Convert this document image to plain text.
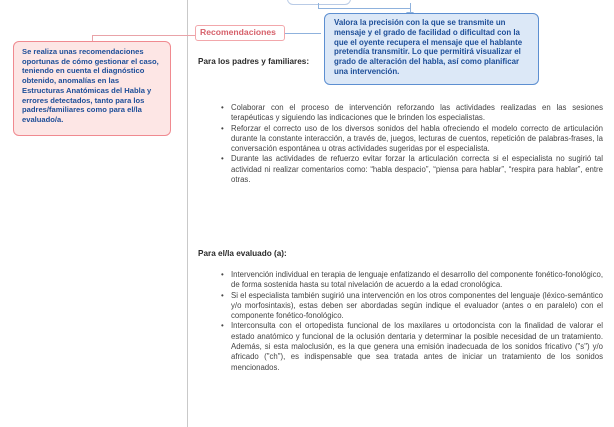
Se realiza unas recomendaciones oportunas de cómo gestionar el caso, teniendo en cuenta el diagnóstico obtenido, anomalías en las Estructuras Anatómicas del Habla y errores detectados, tanto para los padres/familiares como para el/la evaluado/a.
Valora la precisión con la que se transmite un mensaje y el grado de facilidad o dificultad con la que el oyente recupera el mensaje que el hablante pretendía transmitir. Lo que permitirá visualizar el grado de alteración del habla, así como planificar una intervención.
Recomendaciones
Para los padres y familiares:
• Colaborar con el proceso de intervención reforzando las actividades realizadas en las sesiones terapéuticas y siguiendo las indicaciones que le brinden los especialistas.
• Reforzar el correcto uso de los diversos sonidos del habla ofreciendo el modelo correcto de articulación durante la constante interacción, a través de, juegos, lecturas de cuentos, repetición de palabras-frases, la conversación espontánea u otras actividades sugeridas por el especialista.
• Durante las actividades de refuerzo evitar forzar la articulación correcta si el especialista no sugirió tal actividad ni realizar comentarios como: “habla despacio”, “piensa para hablar”, “respira para hablar”, entre otras.
Para el/la evaluado (a):
• Intervención individual en terapia de lenguaje enfatizando el desarrollo del componente fonético-fonológico, de forma sostenida hasta su total nivelación de acuerdo a la edad cronológica.
• Si el especialista también sugirió una intervención en los otros componentes del lenguaje (léxico-semántico y/o morfosintaxis), estas deben ser abordadas según indique el evaluador (antes o en paralelo) con el componente fonético-fonológico.
• Interconsulta con el ortopedista funcional de los maxilares u ortodoncista con la finalidad de valorar el estado anatómico y funcional de la oclusión dentaria y determinar la posible necesidad de un tratamiento. Además, si esta maloclusión, es la que genera una emisión inadecuada de los sonidos fricativo ("s") y/o africado ("ch"), es indispensable que sea tratada antes de iniciar un tratamiento de los sonidos mencionados.
